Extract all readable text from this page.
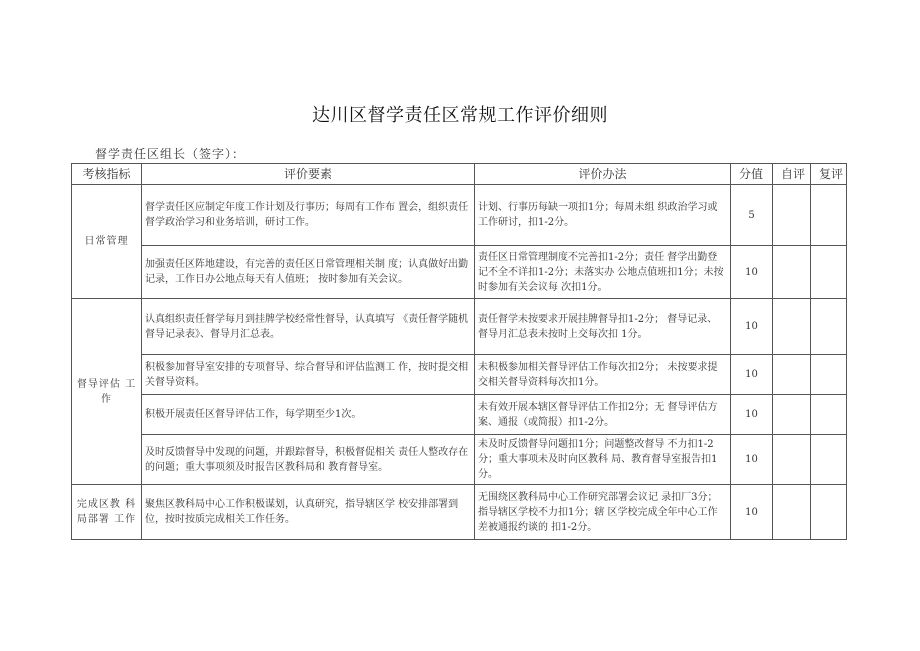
达川区督学责任区常规工作评价细则
督学责任区组长（签字）：
考核指标	评价要素	评价办法	分值	自评	复评
日常管理	督学责任区应制定年度工作计划及行事历；每周有工作布 置会，组织责任督学政治学习和业务培训，研讨工作。	计划、行事历每缺一项扣1分；每周未组 织政治学习或工作研讨，扣1-2分。	5		
	加强责任区阵地建设，有完善的责任区日常管理相关制 度；认真做好出勤记录，工作日办公地点每天有人值班； 按时参加有关会议。	责任区日常管理制度不完善扣1-2分；责任 督学出勤登记不全不详扣1-2分；未落实办 公地点值班扣1分；未按时参加有关会议每 次扣1分。	10		
督导评估 工作	认真组织责任督学每月到挂牌学校经常性督导，认真填写 《责任督学随机督导记录表》、督导月汇总表。	责任督学未按要求开展挂牌督导扣1-2分； 督导记录、督导月汇总表未按时上交每次扣 1分。	10		
	积极参加督导室安排的专项督导、综合督导和评估监测工 作，按时提交相关督导资料。	未积极参加相关督导评估工作每次扣2分； 未按要求提交相关督导资料每次扣1分。	10		
	积极开展责任区督导评估工作，每学期至少1次。	未有效开展本辖区督导评估工作扣2分；无 督导评估方案、通报（或简报）扣1-2分。	10		
	及时反馈督导中发现的问题，并跟踪督导，积极督促相关 责任人整改存在的问题；重大事项须及时报告区教科局和 教育督导室。	未及时反馈督导问题扣1分；问题整改督导 不力扣1-2分；重大事项未及时向区教科 局、教育督导室报告扣1分。	10		
完成区教 科局部署 工作	聚焦区教科局中心工作积极谋划，认真研究，指导辖区学 校安排部署到位，按时按质完成相关工作任务。	无围绕区教科局中心工作研究部署会议记 录扣厂3分；指导辖区学校不力扣1分；辖 区学校完成全年中心工作差被通报约谈的 扣1-2分。	10		
